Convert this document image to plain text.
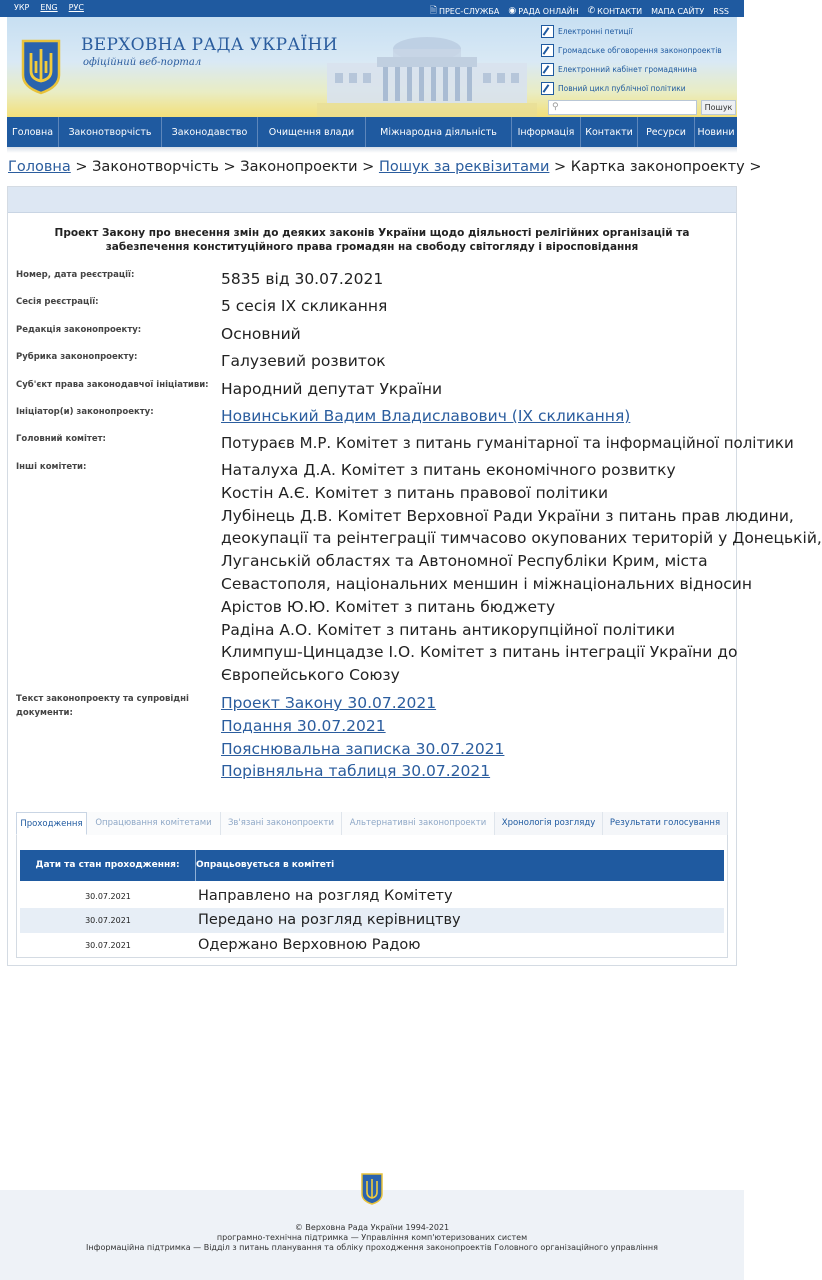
УКР ENG РУС	🗎 ПРЕС-СЛУЖБА ◉ РАДА ОНЛАЙН ✆ КОНТАКТИ МАПА САЙТУ RSS
ВЕРХОВНА РАДА УКРАЇНИ
офіційний веб-портал
Електронні петиції
Громадське обговорення законопроектів
Електронний кабінет громадянина
Повний цикл публічної політики
⚲	Пошук
Головна	Законотворчість	Законодавство	Очищення влади	Міжнародна діяльність	Інформація	Контакти	Ресурси	Новини
Головна > Законотворчість > Законопроекти > Пошук за реквізитами > Картка законопроекту >
Проект Закону про внесення змін до деяких законів України щодо діяльності релігійних організацій та забезпечення конституційного права громадян на свободу світогляду і віросповідання
Номер, дата реєстрації:	5835 від 30.07.2021
Сесія реєстрації:	5 сесія IX скликання
Редакція законопроекту:	Основний
Рубрика законопроекту:	Галузевий розвиток
Суб'єкт права законодавчої ініціативи: Народний депутат України
Ініціатор(и) законопроекту:	Новинський Вадим Владиславович (IX скликання)
Головний комітет:	Потураєв М.Р. Комітет з питань гуманітарної та інформаційної політики
Інші комітети:	Наталуха Д.А. Комітет з питань економічного розвитку
Костін А.Є. Комітет з питань правової політики
Лубінець Д.В. Комітет Верховної Ради України з питань прав людини,
деокупації та реінтеграції тимчасово окупованих територій у Донецькій,
Луганській областях та Автономної Республіки Крим, міста
Севастополя, національних меншин і міжнаціональних відносин
Арістов Ю.Ю. Комітет з питань бюджету
Радіна А.О. Комітет з питань антикорупційної політики
Климпуш-Цинцадзе І.О. Комітет з питань інтеграції України до
Європейського Союзу
Текст законопроекту та супровідні
документи:
Проект Закону 30.07.2021
Подання 30.07.2021
Пояснювальна записка 30.07.2021
Порівняльна таблиця 30.07.2021
Проходження	Опрацювання комітетами	Зв'язані законопроекти	Альтернативні законопроекти	Хронологія розгляду	Результати голосування
Дати та стан проходження:	Опрацьовується в комітеті
30.07.2021	Направлено на розгляд Комітету
30.07.2021	Передано на розгляд керівництву
30.07.2021	Одержано Верховною Радою
© Верховна Рада України 1994-2021
програмно-технічна підтримка — Управління комп'ютеризованих систем
Інформаційна підтримка — Відділ з питань планування та обліку проходження законопроектів Головного організаційного управління
